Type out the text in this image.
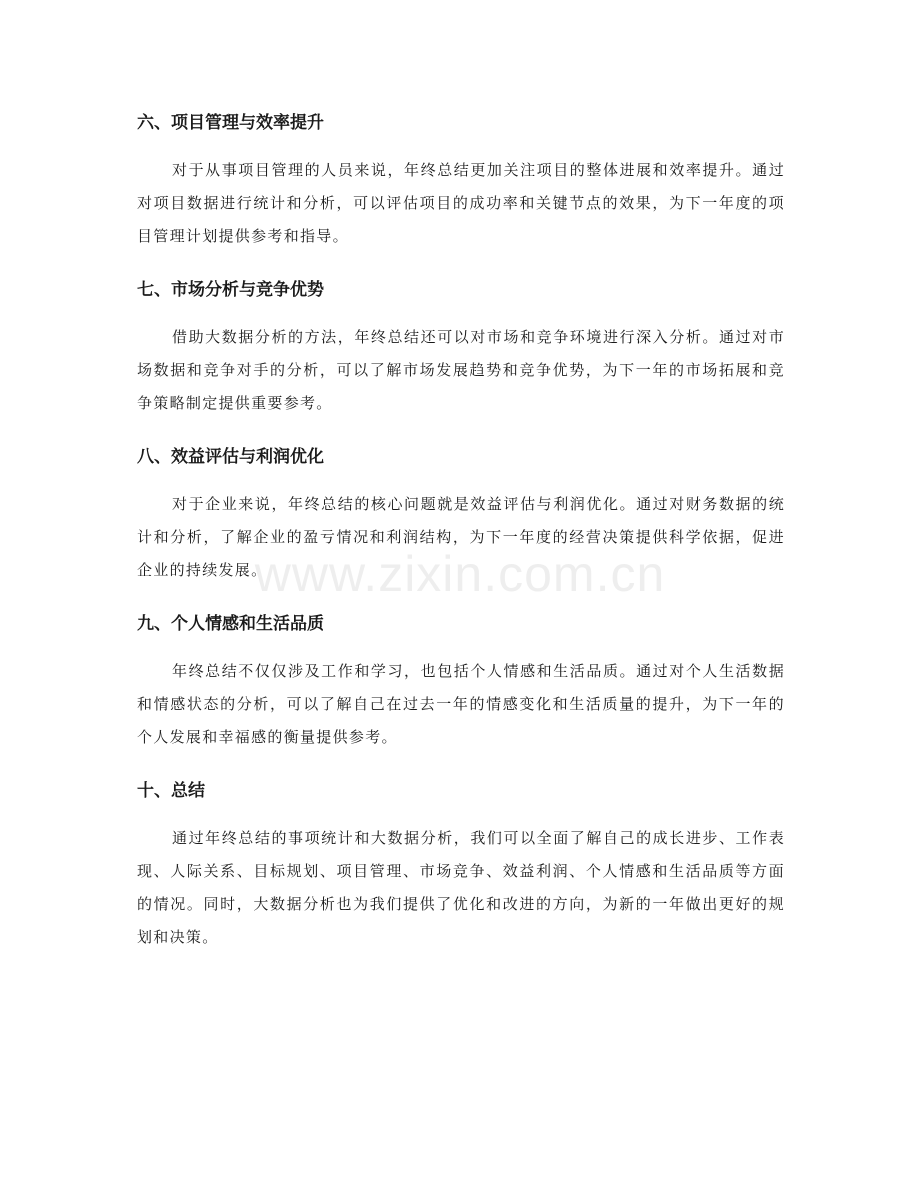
六、项目管理与效率提升

对于从事项目管理的人员来说，年终总结更加关注项目的整体进展和效率提升。通过对项目数据进行统计和分析，可以评估项目的成功率和关键节点的效果，为下一年度的项目管理计划提供参考和指导。

七、市场分析与竞争优势

借助大数据分析的方法，年终总结还可以对市场和竞争环境进行深入分析。通过对市场数据和竞争对手的分析，可以了解市场发展趋势和竞争优势，为下一年的市场拓展和竞争策略制定提供重要参考。

八、效益评估与利润优化

对于企业来说，年终总结的核心问题就是效益评估与利润优化。通过对财务数据的统计和分析，了解企业的盈亏情况和利润结构，为下一年度的经营决策提供科学依据，促进企业的持续发展。

九、个人情感和生活品质

年终总结不仅仅涉及工作和学习，也包括个人情感和生活品质。通过对个人生活数据和情感状态的分析，可以了解自己在过去一年的情感变化和生活质量的提升，为下一年的个人发展和幸福感的衡量提供参考。

十、总结

通过年终总结的事项统计和大数据分析，我们可以全面了解自己的成长进步、工作表现、人际关系、目标规划、项目管理、市场竞争、效益利润、个人情感和生活品质等方面的情况。同时，大数据分析也为我们提供了优化和改进的方向，为新的一年做出更好的规划和决策。

www.zixin.com.cn
